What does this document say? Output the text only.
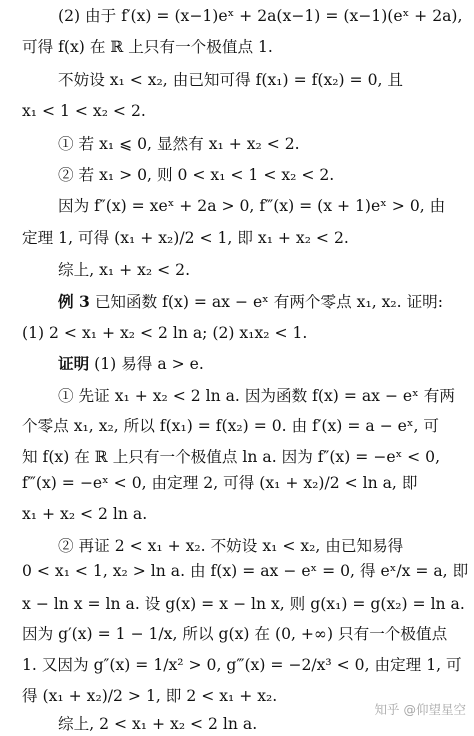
(2) 由于 f′(x) = (x−1)eˣ + 2a(x−1) = (x−1)(eˣ + 2a),
可得 f(x) 在 ℝ 上只有一个极值点 1.
不妨设 x₁ < x₂, 由已知可得 f(x₁) = f(x₂) = 0, 且
x₁ < 1 < x₂ < 2.
① 若 x₁ ⩽ 0, 显然有 x₁ + x₂ < 2.
② 若 x₁ > 0, 则 0 < x₁ < 1 < x₂ < 2.
因为 f″(x) = xeˣ + 2a > 0, f‴(x) = (x + 1)eˣ > 0, 由
定理 1, 可得 (x₁ + x₂)/2 < 1, 即 x₁ + x₂ < 2.
综上, x₁ + x₂ < 2.
例 3 已知函数 f(x) = ax − eˣ 有两个零点 x₁, x₂. 证明:
(1) 2 < x₁ + x₂ < 2 ln a; (2) x₁x₂ < 1.
证明 (1) 易得 a > e.
① 先证 x₁ + x₂ < 2 ln a. 因为函数 f(x) = ax − eˣ 有两
个零点 x₁, x₂, 所以 f(x₁) = f(x₂) = 0. 由 f′(x) = a − eˣ, 可
知 f(x) 在 ℝ 上只有一个极值点 ln a. 因为 f″(x) = −eˣ < 0,
f‴(x) = −eˣ < 0, 由定理 2, 可得 (x₁ + x₂)/2 < ln a, 即
x₁ + x₂ < 2 ln a.
② 再证 2 < x₁ + x₂. 不妨设 x₁ < x₂, 由已知易得
0 < x₁ < 1, x₂ > ln a. 由 f(x) = ax − eˣ = 0, 得 eˣ/x = a, 即
x − ln x = ln a. 设 g(x) = x − ln x, 则 g(x₁) = g(x₂) = ln a.
因为 g′(x) = 1 − 1/x, 所以 g(x) 在 (0, +∞) 只有一个极值点
1. 又因为 g″(x) = 1/x² > 0, g‴(x) = −2/x³ < 0, 由定理 1, 可
得 (x₁ + x₂)/2 > 1, 即 2 < x₁ + x₂.
综上, 2 < x₁ + x₂ < 2 ln a.
知乎 @仰望星空
